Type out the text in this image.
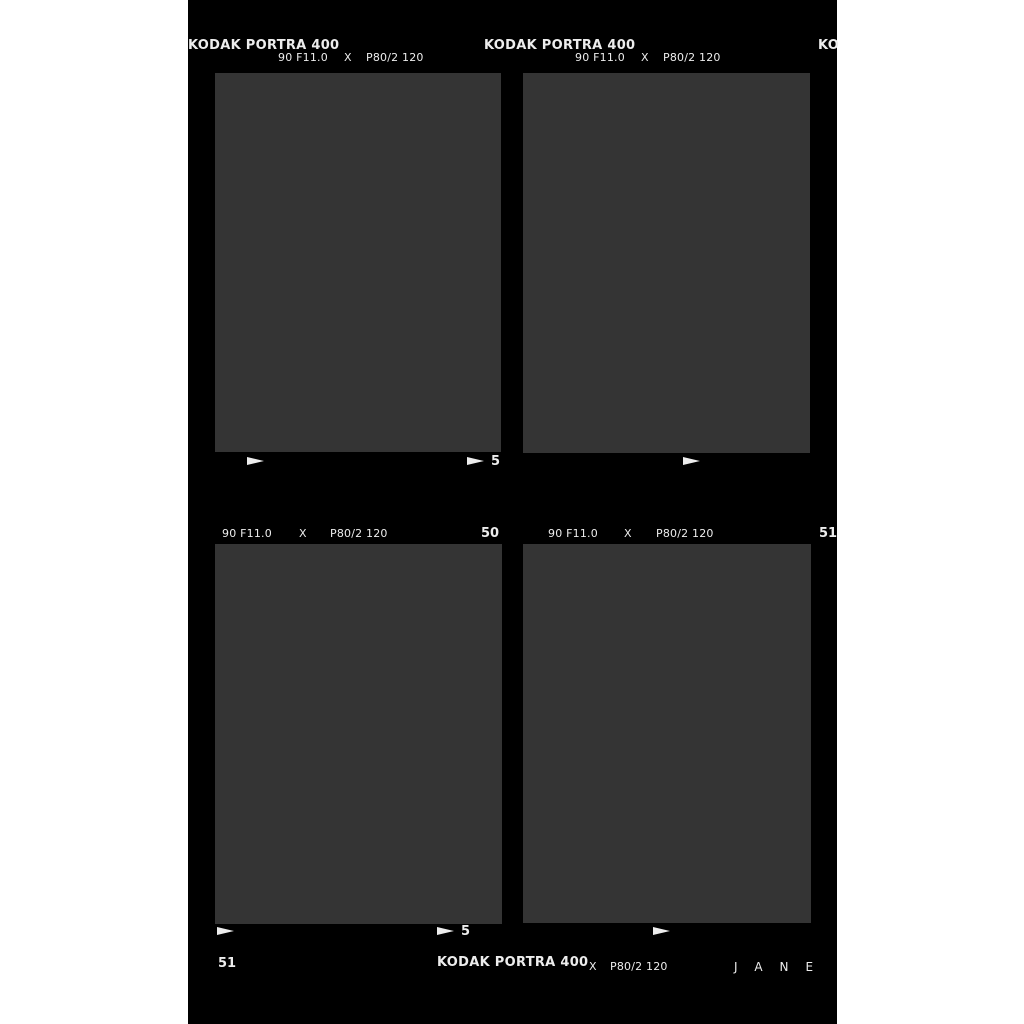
KODAK PORTRA 400
90 F11.0 X P80/2 120
KODAK PORTRA 400
90 F11.0 X P80/2 120
KO
5
90 F11.0 X P80/2 120	50	90 F11.0 X P80/2 120	51
5
51	KODAK PORTRA 400 X P80/2 120	JANE
